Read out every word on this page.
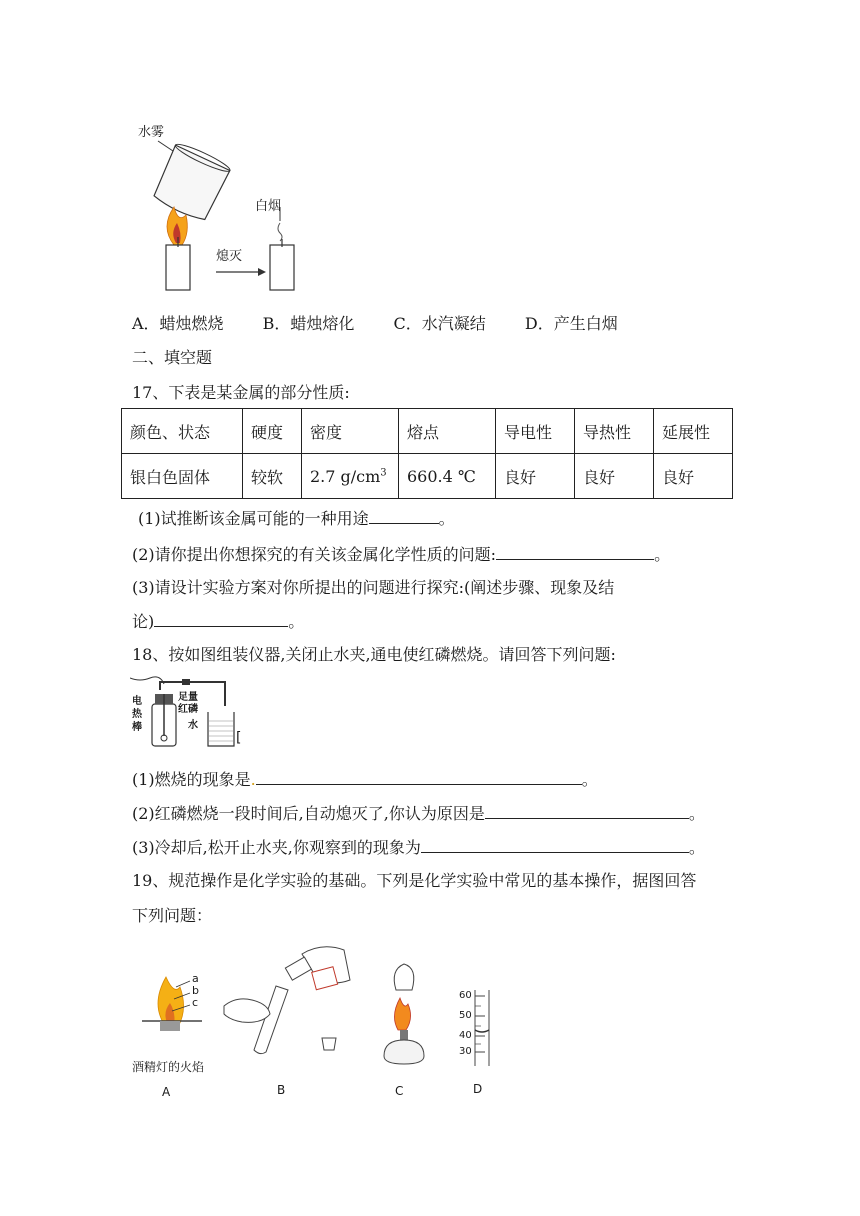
水雾
白烟
熄灭
A．蜡烛燃烧 B．蜡烛熔化 C．水汽凝结 D．产生白烟
二、填空题
17、下表是某金属的部分性质:
颜色、状态	硬度	密度	熔点	导电性	导热性	延展性
银白色固体	较软	2.7 $g/cm^3$	660.4 ℃	良好	良好	良好
(1)试推断该金属可能的一种用途	。
(2)请你提出你想探究的有关该金属化学性质的问题:	。
(3)请设计实验方案对你所提出的问题进行探究:(阐述步骤、现象及结
论)	。
18、按如图组装仪器,关闭止水夹,通电使红磷燃烧。请回答下列问题:
电
热
棒
足量
红磷
水
[
(1)燃烧的现象是.	。
(2)红磷燃烧一段时间后,自动熄灭了,你认为原因是	。
(3)冷却后,松开止水夹,你观察到的现象为	。
19、规范操作是化学实验的基础。下列是化学实验中常见的基本操作，据图回答
下列问题：
a
b
c
酒精灯的火焰
A	B	C
60
50
40
30
D
